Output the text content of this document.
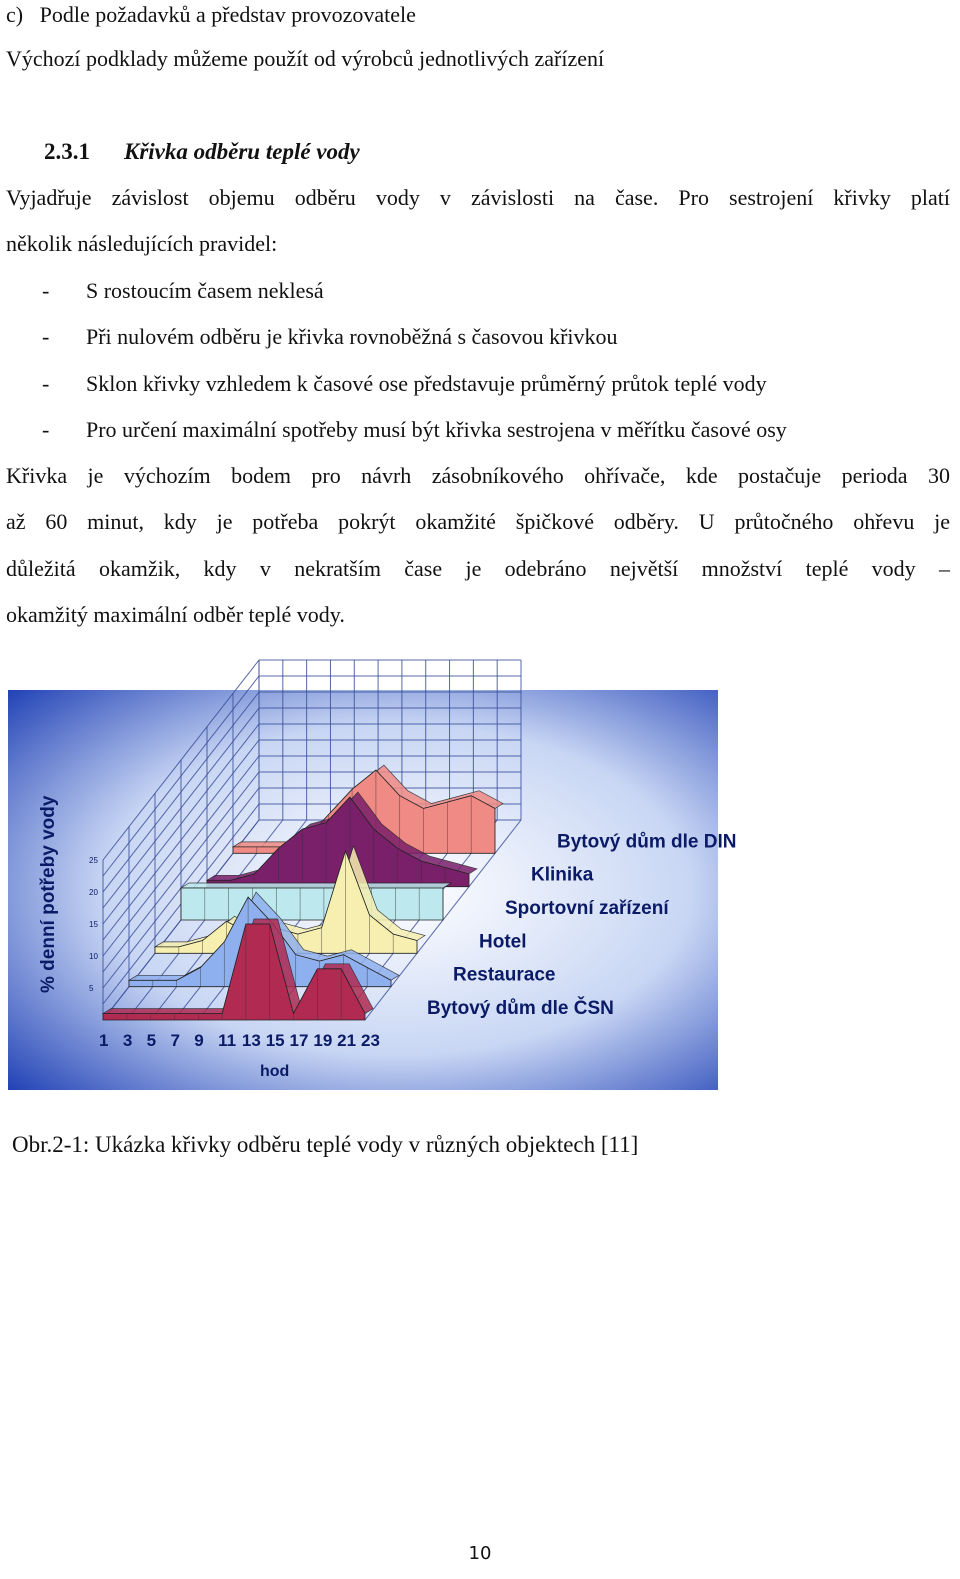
c)   Podle požadavků a představ provozovatele

Výchozí podklady můžeme použít od výrobců jednotlivých zařízení

2.3.1 Křivka odběru teplé vody

Vyjadřuje závislost objemu odběru vody v závislosti na čase. Pro sestrojení křivky platí

několik následujících pravidel:

- S rostoucím časem neklesá
- Při nulovém odběru je křivka rovnoběžná s časovou křivkou
- Sklon křivky vzhledem k časové ose představuje průměrný průtok teplé vody
- Pro určení maximální spotřeby musí být křivka sestrojena v měřítku časové osy

Křivka je výchozím bodem pro návrh zásobníkového ohřívače, kde postačuje perioda 30

až 60 minut, kdy je potřeba pokrýt okamžité špičkové odběry. U průtočného ohřevu je

důležitá okamžik, kdy v nekratším čase je odebráno největší množství teplé vody –

okamžitý maximální odběr teplé vody.

Bytový dům dle DIN
Klinika
Sportovní zařízení
Hotel
Restaurace
Bytový dům dle ČSN
5
10
15
20
25
1 3 5 7 9 11 13 15 17 19 21 23
% denní potřeby vody
hod

Obr.2-1: Ukázka křivky odběru teplé vody v různých objektech [11]

10
